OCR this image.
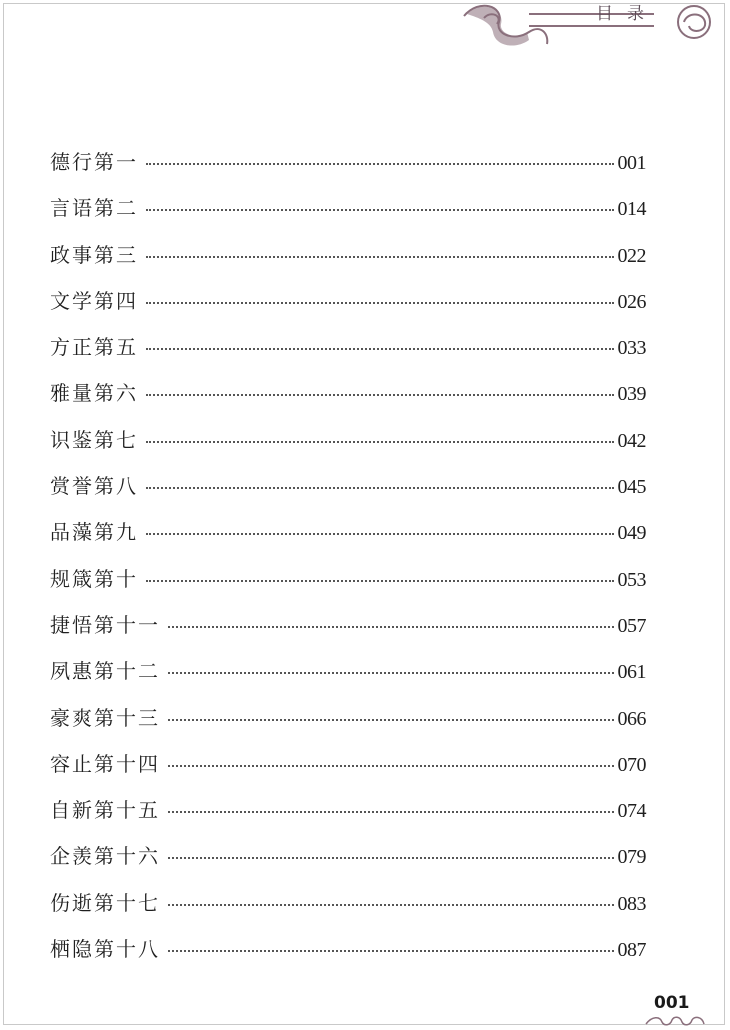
目录
德行第一	001
言语第二	014
政事第三	022
文学第四	026
方正第五	033
雅量第六	039
识鉴第七	042
赏誉第八	045
品藻第九	049
规箴第十	053
捷悟第十一	057
夙惠第十二	061
豪爽第十三	066
容止第十四	070
自新第十五	074
企羡第十六	079
伤逝第十七	083
栖隐第十八	087
001
